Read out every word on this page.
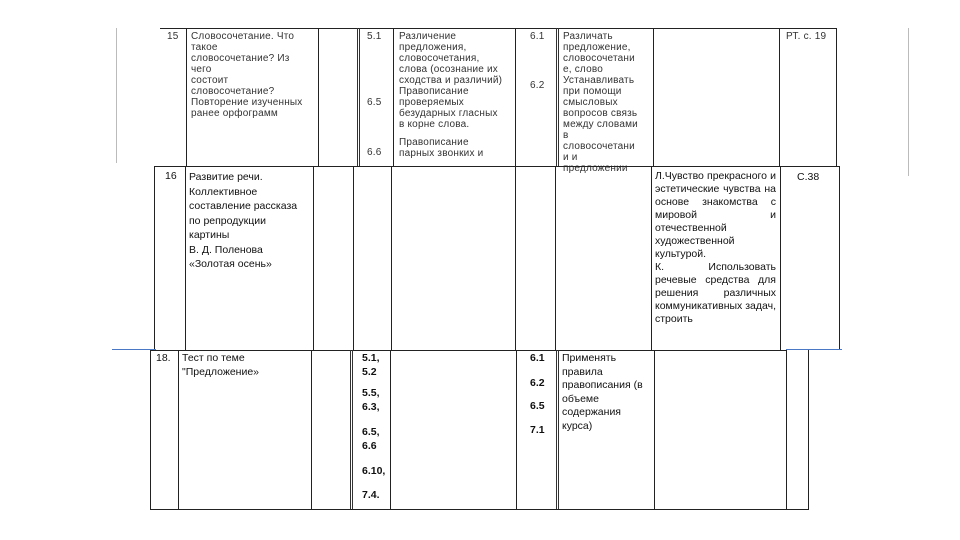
15 Словосочетание. Что
такое
словосочетание? Из
чего
состоит
словосочетание?
Повторение изученных
ранее орфограмм

5.1

6.5

6.6

Различение
предложения,
словосочетания,
слова (осознание их
сходства и различий)

Правописание
проверяемых
безударных гласных
в корне слова.

Правописание
парных звонких и

6.1

6.2

Различать
предложение,
словосочетани
е, слово

Устанавливать
при помощи
смысловых
вопросов связь
между словами
в
словосочетани
и и
предложении

РТ. с. 19

16 Развитие речи.
Коллективное
составление рассказа
по репродукции
картины
В. Д. Поленова
«Золотая осень»

Л.Чувство прекрасного и эстетические чувства на основе знакомства с мировой и отечественной художественной культурой.
К. Использовать речевые средства для решения различных коммуникативных задач, строить

С.38

18. Тест по теме
"Предложение»

5.1,
5.2

5.5,
6.3,

6.5,
6.6

6.10,

7.4.

6.1

6.2

6.5

7.1

Применять
правила
правописания (в
объеме
содержания
курса)
